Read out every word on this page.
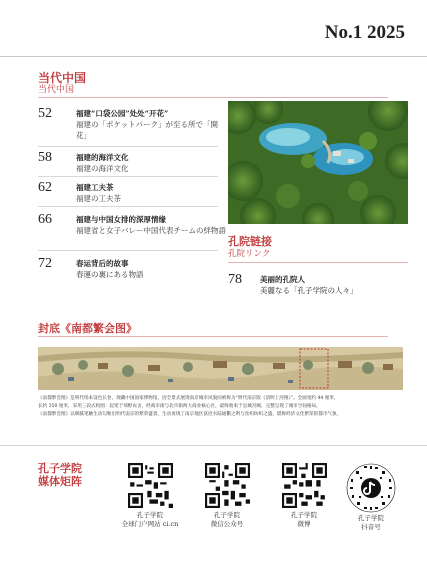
No.1 2025
当代中国
当代中国
52	福建“口袋公园”处处“开花”
福建の「ポケットパーク」が至る所で「開花」
58	福建的海洋文化
福建の海洋文化
62	福建工夫茶
福建の工夫茶
66	福建与中国女排的深厚情缘
福建省と女子バレー中国代表チームの絆物語
72	春运背后的故事
春運の裏にある物語
孔院链接
孔院リンク
78 美丽的孔院人
美麗なる「孔子学院の人々」
封底《南都繁会图》
《南都繁会图》是明代绢本设色长卷，现藏中国国家博物馆，因全景式展现南京城市风貌而被称为“明代南京版《清明上河图》”。全画宽约 44 厘米，
长约 350 厘米，采用三段式构图：起笔于郊野农舍，经商市街与北市街两大商业核心区，最终收束于皇城宫阙，完整呈现了城市空间格局。
《南都繁会图》以细腻笔触生动勾勒出明代南京的繁荣盛景，生动再现了南京地区富庶水陆通衢之利与丝织纺织之盛，堪称经济文化繁荣的都市气象。
孔子学院
媒体矩阵
孔子学院
全球门户网站 ci.cn
孔子学院
微信公众号
孔子学院
微博
孔子学院
抖音号
